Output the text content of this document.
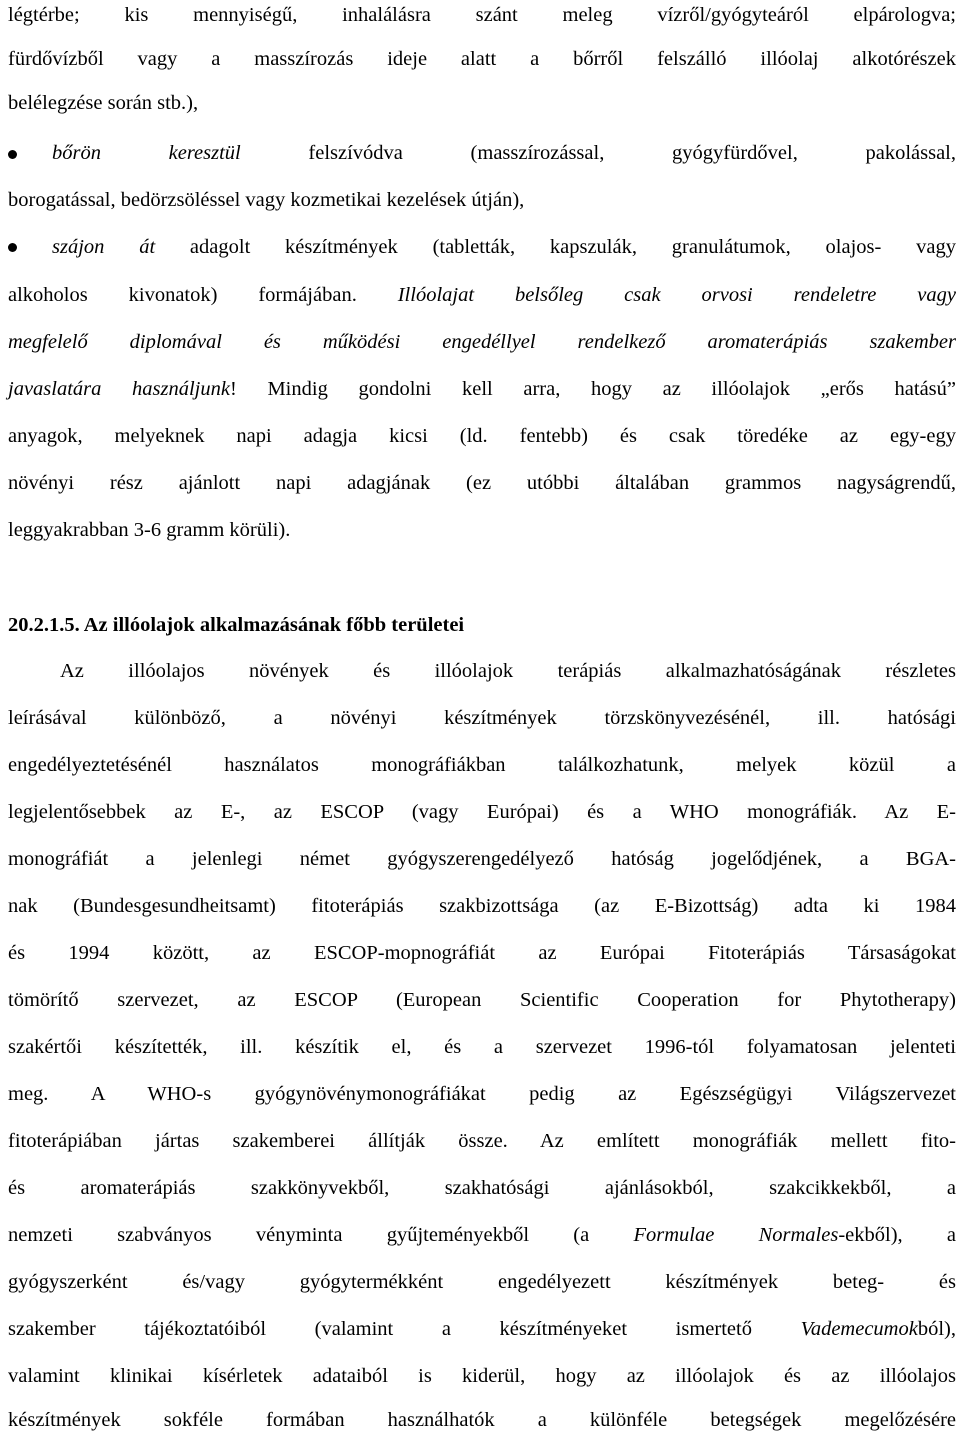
légtérbe; kis mennyiségű, inhalálásra szánt meleg vízről/gyógyteáról elpárologva;
fürdővízből vagy a masszírozás ideje alatt a bőrről felszálló illóolaj alkotórészek
belélegzése során stb.),
bőrön keresztül felszívódva (masszírozással, gyógyfürdővel, pakolással,
borogatással, bedörzsöléssel vagy kozmetikai kezelések útján),
szájon át adagolt készítmények (tabletták, kapszulák, granulátumok, olajos- vagy
alkoholos kivonatok) formájában. Illóolajat belsőleg csak orvosi rendeletre vagy
megfelelő diplomával és működési engedéllyel rendelkező aromaterápiás szakember
javaslatára használjunk! Mindig gondolni kell arra, hogy az illóolajok „erős hatású”
anyagok, melyeknek napi adagja kicsi (ld. fentebb) és csak töredéke az egy-egy
növényi rész ajánlott napi adagjának (ez utóbbi általában grammos nagyságrendű,
leggyakrabban 3-6 gramm körüli).
20.2.1.5. Az illóolajok alkalmazásának főbb területei
Az illóolajos növények és illóolajok terápiás alkalmazhatóságának részletes
leírásával különböző, a növényi készítmények törzskönyvezésénél, ill. hatósági
engedélyeztetésénél használatos monográfiákban találkozhatunk, melyek közül a
legjelentősebbek az E-, az ESCOP (vagy Európai) és a WHO monográfiák. Az E-
monográfiát a jelenlegi német gyógyszerengedélyező hatóság jogelődjének, a BGA-
nak (Bundesgesundheitsamt) fitoterápiás szakbizottsága (az E-Bizottság) adta ki 1984
és 1994 között, az ESCOP-mopnográfiát az Európai Fitoterápiás Társaságokat
tömörítő szervezet, az ESCOP (European Scientific Cooperation for Phytotherapy)
szakértői készítették, ill. készítik el, és a szervezet 1996-tól folyamatosan jelenteti
meg. A WHO-s gyógynövénymonográfiákat pedig az Egészségügyi Világszervezet
fitoterápiában jártas szakemberei állítják össze. Az említett monográfiák mellett fito-
és aromaterápiás szakkönyvekből, szakhatósági ajánlásokból, szakcikkekből, a
nemzeti szabványos vényminta gyűjteményekből (a Formulae Normales-ekből), a
gyógyszerként és/vagy gyógytermékként engedélyezett készítmények beteg- és
szakember tájékoztatóiból (valamint a készítményeket ismertető Vademecumokból),
valamint klinikai kísérletek adataiból is kiderül, hogy az illóolajok és az illóolajos
készítmények sokféle formában használhatók a különféle betegségek megelőzésére
